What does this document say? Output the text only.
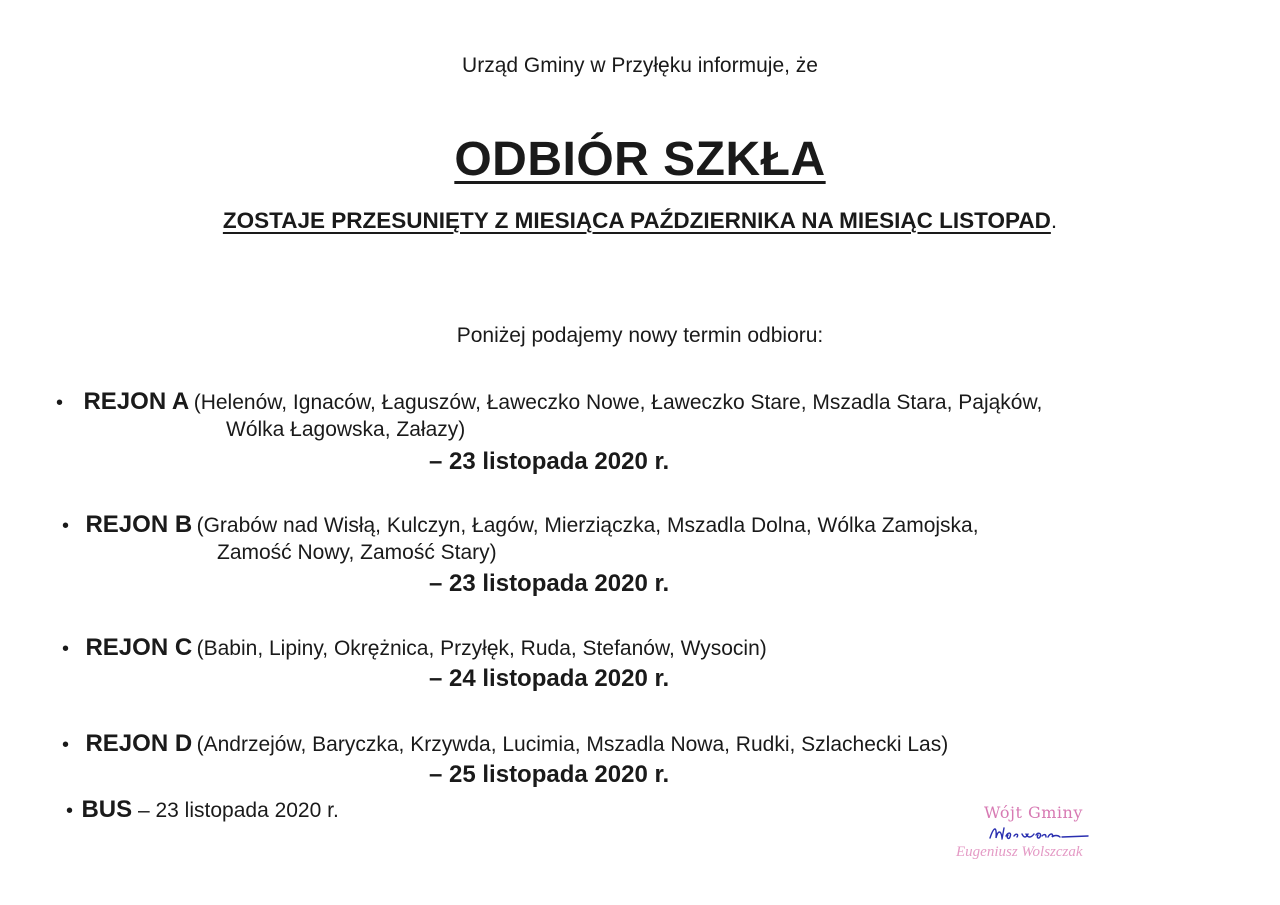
Urząd Gminy w Przyłęku informuje, że
ODBIÓR SZKŁA
ZOSTAJE PRZESUNIĘTY Z MIESIĄCA PAŹDZIERNIKA NA MIESIĄC LISTOPAD.
Poniżej podajemy nowy termin odbioru:
• REJON A (Helenów, Ignaców, Łaguszów, Ławeczko Nowe, Ławeczko Stare, Mszadla Stara, Pająków,
Wólka Łagowska, Załazy)
– 23 listopada 2020 r.
• REJON B (Grabów nad Wisłą, Kulczyn, Łagów, Mierziączka, Mszadla Dolna, Wólka Zamojska,
Zamość Nowy, Zamość Stary)
– 23 listopada 2020 r.
• REJON C (Babin, Lipiny, Okrężnica, Przyłęk, Ruda, Stefanów, Wysocin)
– 24 listopada 2020 r.
• REJON D (Andrzejów, Baryczka, Krzywda, Lucimia, Mszadla Nowa, Rudki, Szlachecki Las)
– 25 listopada 2020 r.
• BUS – 23 listopada 2020 r.	Wójt Gminy
Eugeniusz Wolszczak
